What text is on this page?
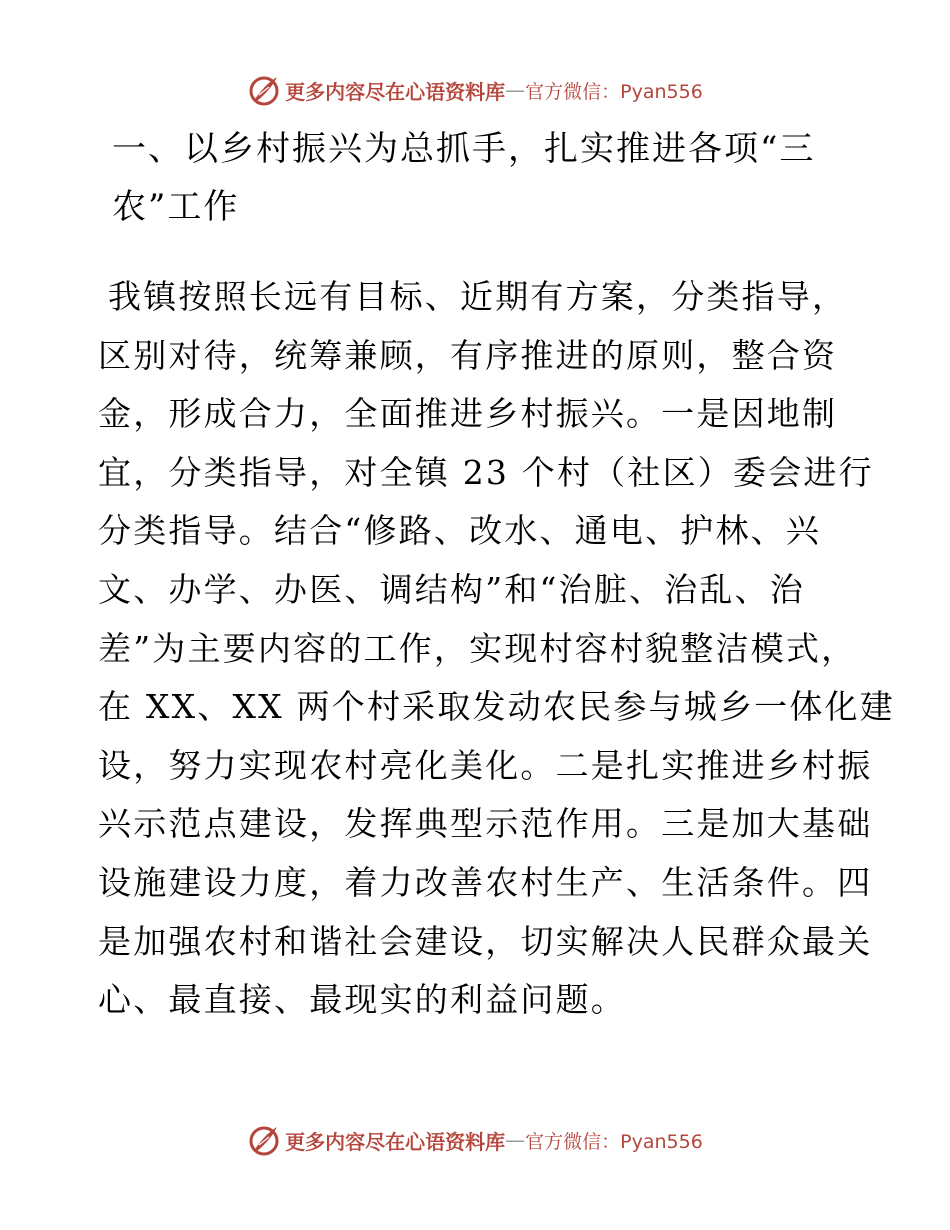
更多内容尽在心语资料库 — 官方微信：Pyan556
一、以乡村振兴为总抓手，扎实推进各项“三
农”工作
我镇按照长远有目标、近期有方案，分类指导，
区别对待，统筹兼顾，有序推进的原则，整合资
金，形成合力，全面推进乡村振兴。一是因地制
宜，分类指导，对全镇 23 个村（社区）委会进行
分类指导。结合“修路、改水、通电、护林、兴
文、办学、办医、调结构”和“治脏、治乱、治
差”为主要内容的工作，实现村容村貌整洁模式，
在 XX、XX 两个村采取发动农民参与城乡一体化建
设，努力实现农村亮化美化。二是扎实推进乡村振
兴示范点建设，发挥典型示范作用。三是加大基础
设施建设力度，着力改善农村生产、生活条件。四
是加强农村和谐社会建设，切实解决人民群众最关
心、最直接、最现实的利益问题。
更多内容尽在心语资料库 — 官方微信：Pyan556
